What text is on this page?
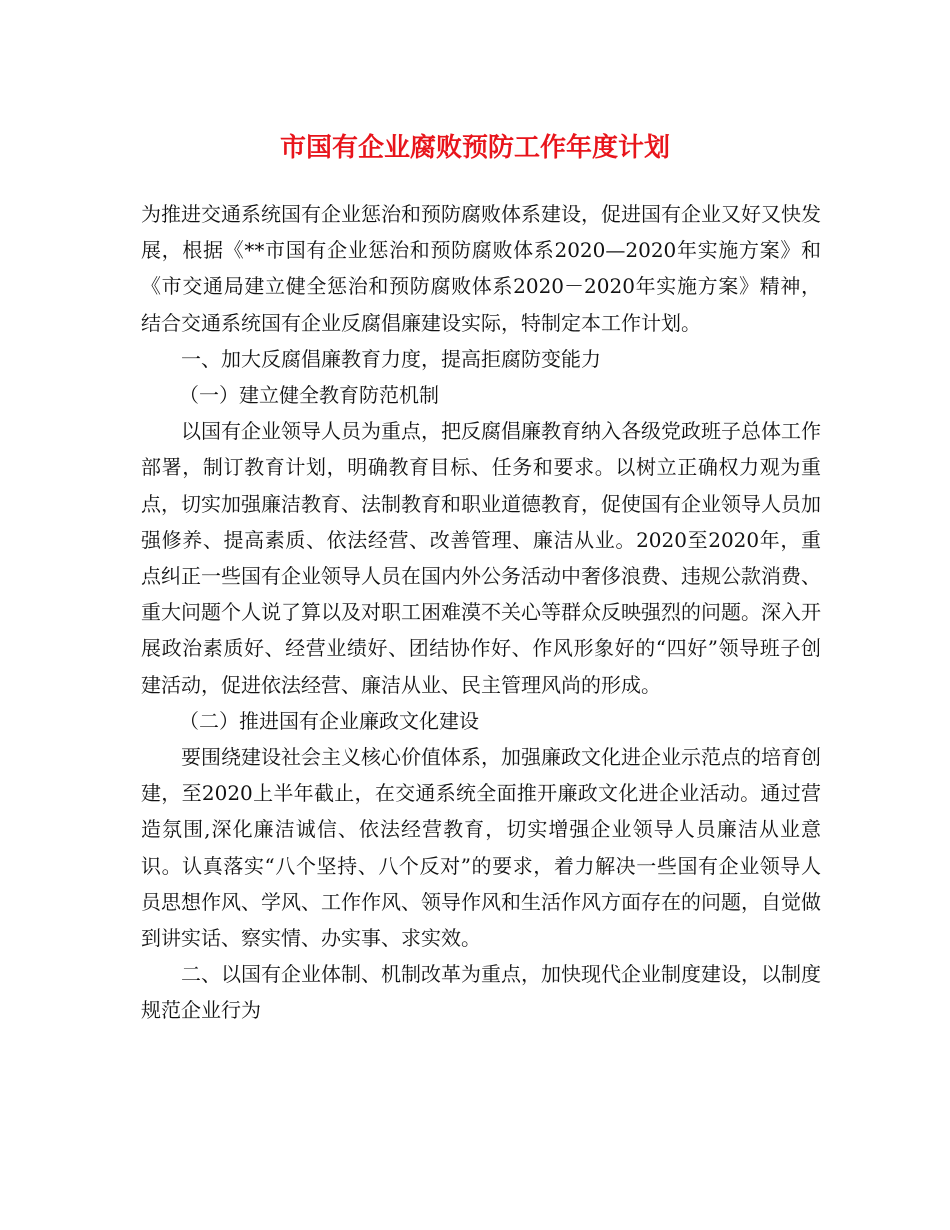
市国有企业腐败预防工作年度计划

为推进交通系统国有企业惩治和预防腐败体系建设，促进国有企业又好又快发展，根据《**市国有企业惩治和预防腐败体系2020—2020年实施方案》和《市交通局建立健全惩治和预防腐败体系2020－2020年实施方案》精神，结合交通系统国有企业反腐倡廉建设实际，特制定本工作计划。

一、加大反腐倡廉教育力度，提高拒腐防变能力

（一）建立健全教育防范机制

以国有企业领导人员为重点，把反腐倡廉教育纳入各级党政班子总体工作部署，制订教育计划，明确教育目标、任务和要求。以树立正确权力观为重点，切实加强廉洁教育、法制教育和职业道德教育，促使国有企业领导人员加强修养、提高素质、依法经营、改善管理、廉洁从业。2020至2020年，重点纠正一些国有企业领导人员在国内外公务活动中奢侈浪费、违规公款消费、重大问题个人说了算以及对职工困难漠不关心等群众反映强烈的问题。深入开展政治素质好、经营业绩好、团结协作好、作风形象好的“四好”领导班子创建活动，促进依法经营、廉洁从业、民主管理风尚的形成。

（二）推进国有企业廉政文化建设

要围绕建设社会主义核心价值体系，加强廉政文化进企业示范点的培育创建，至2020上半年截止，在交通系统全面推开廉政文化进企业活动。通过营造氛围,深化廉洁诚信、依法经营教育，切实增强企业领导人员廉洁从业意识。认真落实“八个坚持、八个反对”的要求，着力解决一些国有企业领导人员思想作风、学风、工作作风、领导作风和生活作风方面存在的问题，自觉做到讲实话、察实情、办实事、求实效。

二、以国有企业体制、机制改革为重点，加快现代企业制度建设，以制度规范企业行为
